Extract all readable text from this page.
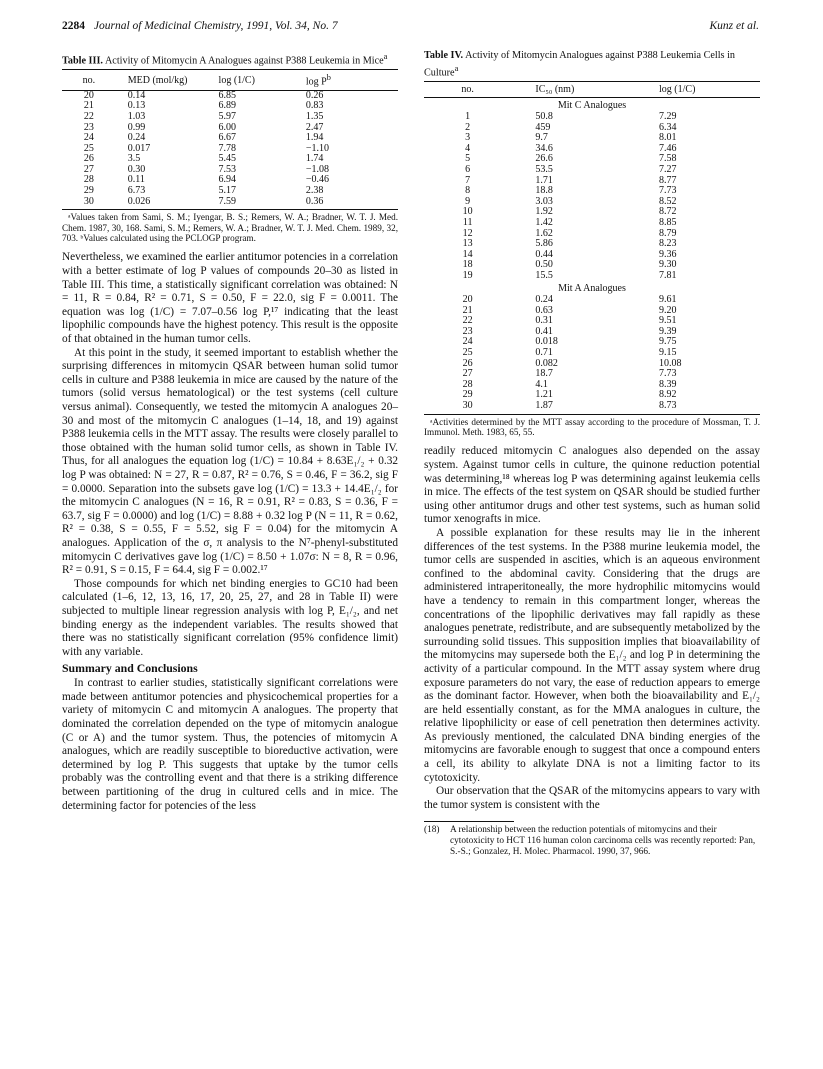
2284 Journal of Medicinal Chemistry, 1991, Vol. 34, No. 7	Kunz et al.
Table III. Activity of Mitomycin A Analogues against P388 Leukemia in Mice$^a$
no.	MED (mol/kg)	log (1/C)	$\log P^b$
20	0.14	6.85	0.26
21	0.13	6.89	0.83
22	1.03	5.97	1.35
23	0.99	6.00	2.47
24	0.24	6.67	1.94
25	0.017	7.78	−1.10
26	3.5	5.45	1.74
27	0.30	7.53	−1.08
28	0.11	6.94	−0.46
29	6.73	5.17	2.38
30	0.026	7.59	0.36
ᵃValues taken from Sami, S. M.; Iyengar, B. S.; Remers, W. A.; Bradner, W. T. J. Med. Chem. 1987, 30, 168. Sami, S. M.; Remers, W. A.; Bradner, W. T. J. Med. Chem. 1989, 32, 703. ᵇValues calculated using the PCLOGP program.

Nevertheless, we examined the earlier antitumor potencies in a correlation with a better estimate of log P values of compounds 20–30 as listed in Table III. This time, a statistically significant correlation was obtained: N = 11, R = 0.84, R² = 0.71, S = 0.50, F = 22.0, sig F = 0.0011. The equation was log (1/C) = 7.07–0.56 log P,¹⁷ indicating that the least lipophilic compounds have the highest potency. This result is the opposite of that obtained in the human tumor cells.

At this point in the study, it seemed important to establish whether the surprising differences in mitomycin QSAR between human solid tumor cells in culture and P388 leukemia in mice are caused by the nature of the tumors (solid versus hematological) or the test systems (cell culture versus animal). Consequently, we tested the mitomycin A analogues 20–30 and most of the mitomycin C analogues (1–14, 18, and 19) against P388 leukemia cells in the MTT assay. The results were closely parallel to those obtained with the human solid tumor cells, as shown in Table IV. Thus, for all analogues the equation log (1/C) = 10.84 + 8.63E₁/₂ + 0.32 log P was obtained: N = 27, R = 0.87, R² = 0.76, S = 0.46, F = 36.2, sig F = 0.0000. Separation into the subsets gave log (1/C) = 13.3 + 14.4E₁/₂ for the mitomycin C analogues (N = 16, R = 0.91, R² = 0.83, S = 0.36, F = 63.7, sig F = 0.0000) and log (1/C) = 8.88 + 0.32 log P (N = 11, R = 0.62, R² = 0.38, S = 0.55, F = 5.52, sig F = 0.04) for the mitomycin A analogues. Application of the σ, π analysis to the N⁷-phenyl-substituted mitomycin C derivatives gave log (1/C) = 8.50 + 1.07σ: N = 8, R = 0.96, R² = 0.91, S = 0.15, F = 64.4, sig F = 0.002.¹⁷

Those compounds for which net binding energies to GC10 had been calculated (1–6, 12, 13, 16, 17, 20, 25, 27, and 28 in Table II) were subjected to multiple linear regression analysis with log P, E₁/₂, and net binding energy as the independent variables. The results showed that there was no statistically significant correlation (95% confidence limit) with any variable.

Summary and Conclusions

In contrast to earlier studies, statistically significant correlations were made between antitumor potencies and physicochemical properties for a variety of mitomycin C and mitomycin A analogues. The property that dominated the correlation depended on the type of mitomycin analogue (C or A) and the tumor system. Thus, the potencies of mitomycin A analogues, which are readily susceptible to bioreductive activation, were determined by log P. This suggests that uptake by the tumor cells probably was the controlling event and that there is a striking difference between partitioning of the drug in cultured cells and in mice. The determining factor for potencies of the less

Table IV. Activity of Mitomycin Analogues against P388 Leukemia Cells in Culture$^a$
no.	IC₅₀ (nm)	log (1/C)
Mit C Analogues		
1	50.8	7.29
2	459	6.34
3	9.7	8.01
4	34.6	7.46
5	26.6	7.58
6	53.5	7.27
7	1.71	8.77
8	18.8	7.73
9	3.03	8.52
10	1.92	8.72
11	1.42	8.85
12	1.62	8.79
13	5.86	8.23
14	0.44	9.36
18	0.50	9.30
19	15.5	7.81
Mit A Analogues		
20	0.24	9.61
21	0.63	9.20
22	0.31	9.51
23	0.41	9.39
24	0.018	9.75
25	0.71	9.15
26	0.082	10.08
27	18.7	7.73
28	4.1	8.39
29	1.21	8.92
30	1.87	8.73
ᵃActivities determined by the MTT assay according to the procedure of Mossman, T. J. Immunol. Meth. 1983, 65, 55.

readily reduced mitomycin C analogues also depended on the assay system. Against tumor cells in culture, the quinone reduction potential was determining,¹⁸ whereas log P was determining against leukemia cells in mice. The effects of the test system on QSAR should be studied further using other antitumor drugs and other test systems, such as human solid tumor xenografts in mice.

A possible explanation for these results may lie in the inherent differences of the test systems. In the P388 murine leukemia model, the tumor cells are suspended in ascities, which is an aqueous environment confined to the abdominal cavity. Considering that the drugs are administered intraperitoneally, the more hydrophilic mitomycins would have a tendency to remain in this compartment longer, whereas the concentrations of the lipophilic derivatives may fall rapidly as these analogues penetrate, redistribute, and are subsequently metabolized by the surrounding solid tissues. This supposition implies that bioavailability of the mitomycins may supersede both the E₁/₂ and log P in determining the activity of a particular compound. In the MTT assay system where drug exposure parameters do not vary, the ease of reduction appears to emerge as the dominant factor. However, when both the bioavailability and E₁/₂ are held essentially constant, as for the MMA analogues in culture, the relative lipophilicity or ease of cell penetration then determines activity. As previously mentioned, the calculated DNA binding energies of the mitomycins are favorable enough to suggest that once a compound enters a cell, its ability to alkylate DNA is not a limiting factor to its cytotoxicity.

Our observation that the QSAR of the mitomycins appears to vary with the tumor system is consistent with the

(18)	A relationship between the reduction potentials of mitomycins and their cytotoxicity to HCT 116 human colon carcinoma cells was recently reported: Pan, S.-S.; Gonzalez, H. Molec. Pharmacol. 1990, 37, 966.
